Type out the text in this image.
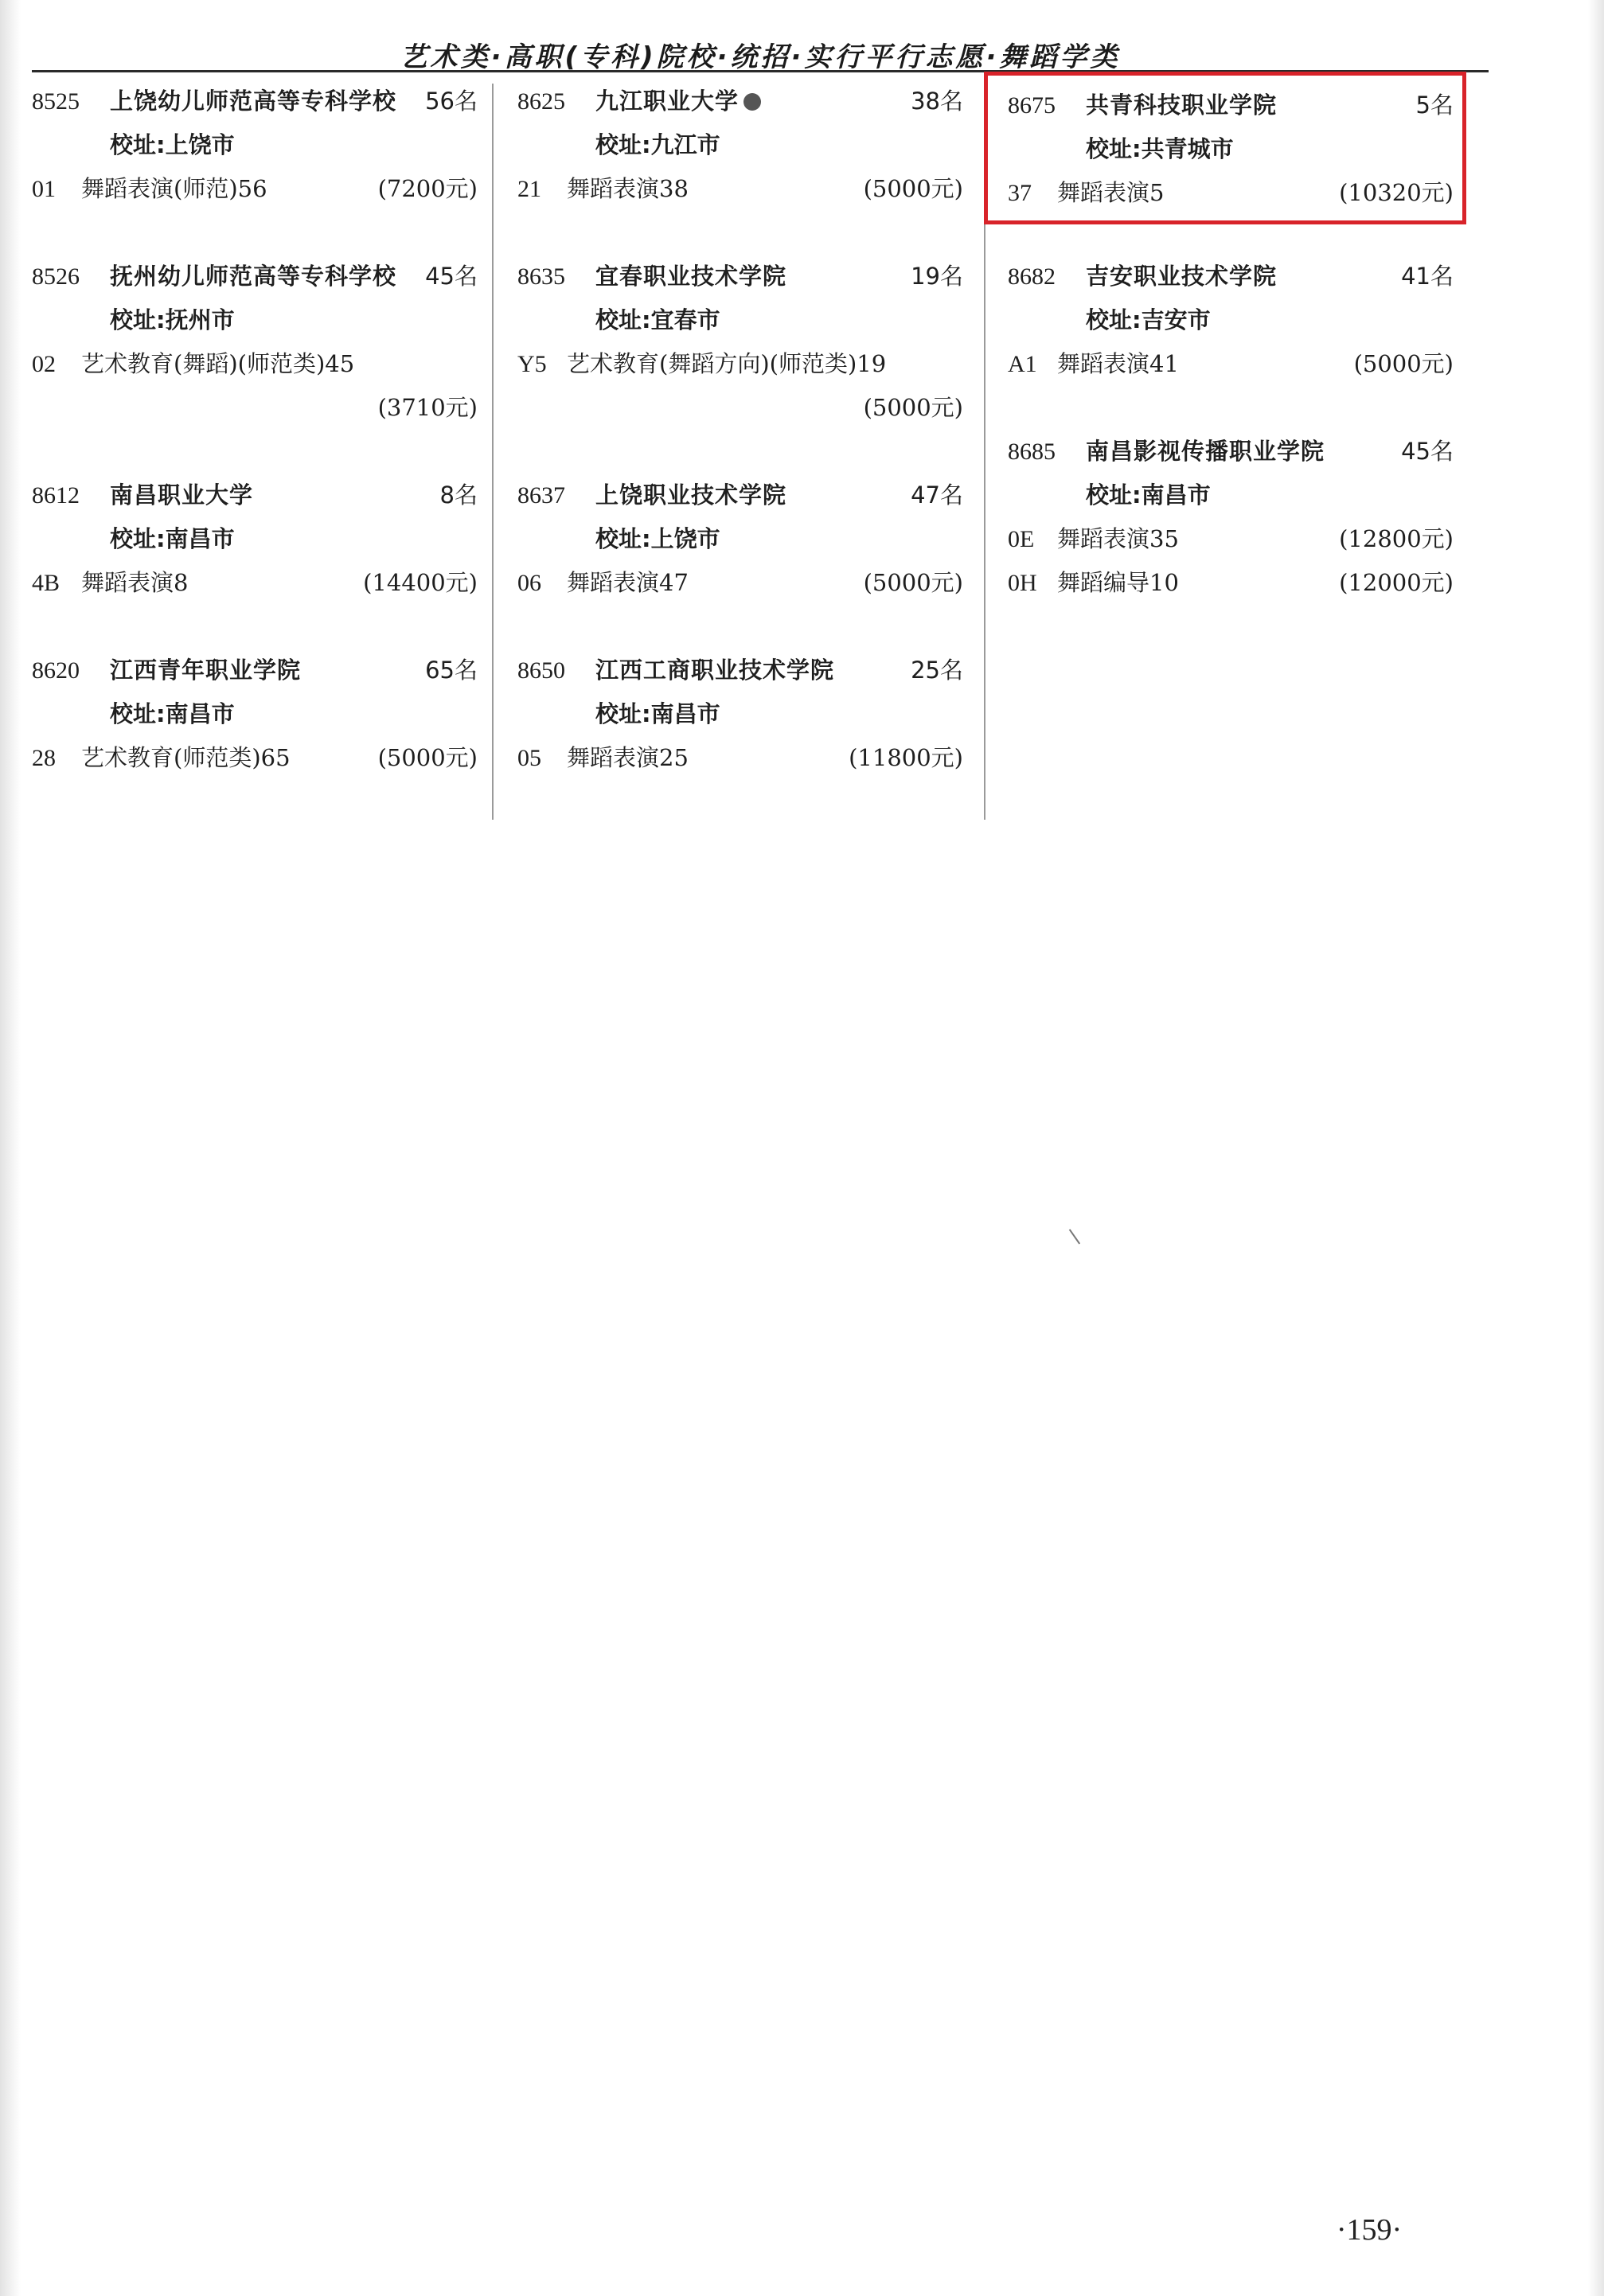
艺术类·高职(专科)院校·统招·实行平行志愿·舞蹈学类
8525 上饶幼儿师范高等专科学校 56名
校址:上饶市
01 舞蹈表演(师范)56	(7200元)
8526 抚州幼儿师范高等专科学校 45名
校址:抚州市
02 艺术教育(舞蹈)(师范类)45
(3710元)
8612 南昌职业大学	8名
校址:南昌市
4B 舞蹈表演8	(14400元)
8620 江西青年职业学院	65名
校址:南昌市
28 艺术教育(师范类)65	(5000元)
8625 九江职业大学	38名
校址:九江市
21 舞蹈表演38	(5000元)
8635 宜春职业技术学院	19名
校址:宜春市
Y5 艺术教育(舞蹈方向)(师范类)19
(5000元)
8637 上饶职业技术学院	47名
校址:上饶市
06 舞蹈表演47	(5000元)
8650 江西工商职业技术学院	25名
校址:南昌市
05 舞蹈表演25	(11800元)
8675 共青科技职业学院	5名
校址:共青城市
37 舞蹈表演5	(10320元)
8682 吉安职业技术学院	41名
校址:吉安市
A1 舞蹈表演41	(5000元)
8685 南昌影视传播职业学院	45名
校址:南昌市
0E 舞蹈表演35	(12800元)
0H 舞蹈编导10	(12000元)
·159·
